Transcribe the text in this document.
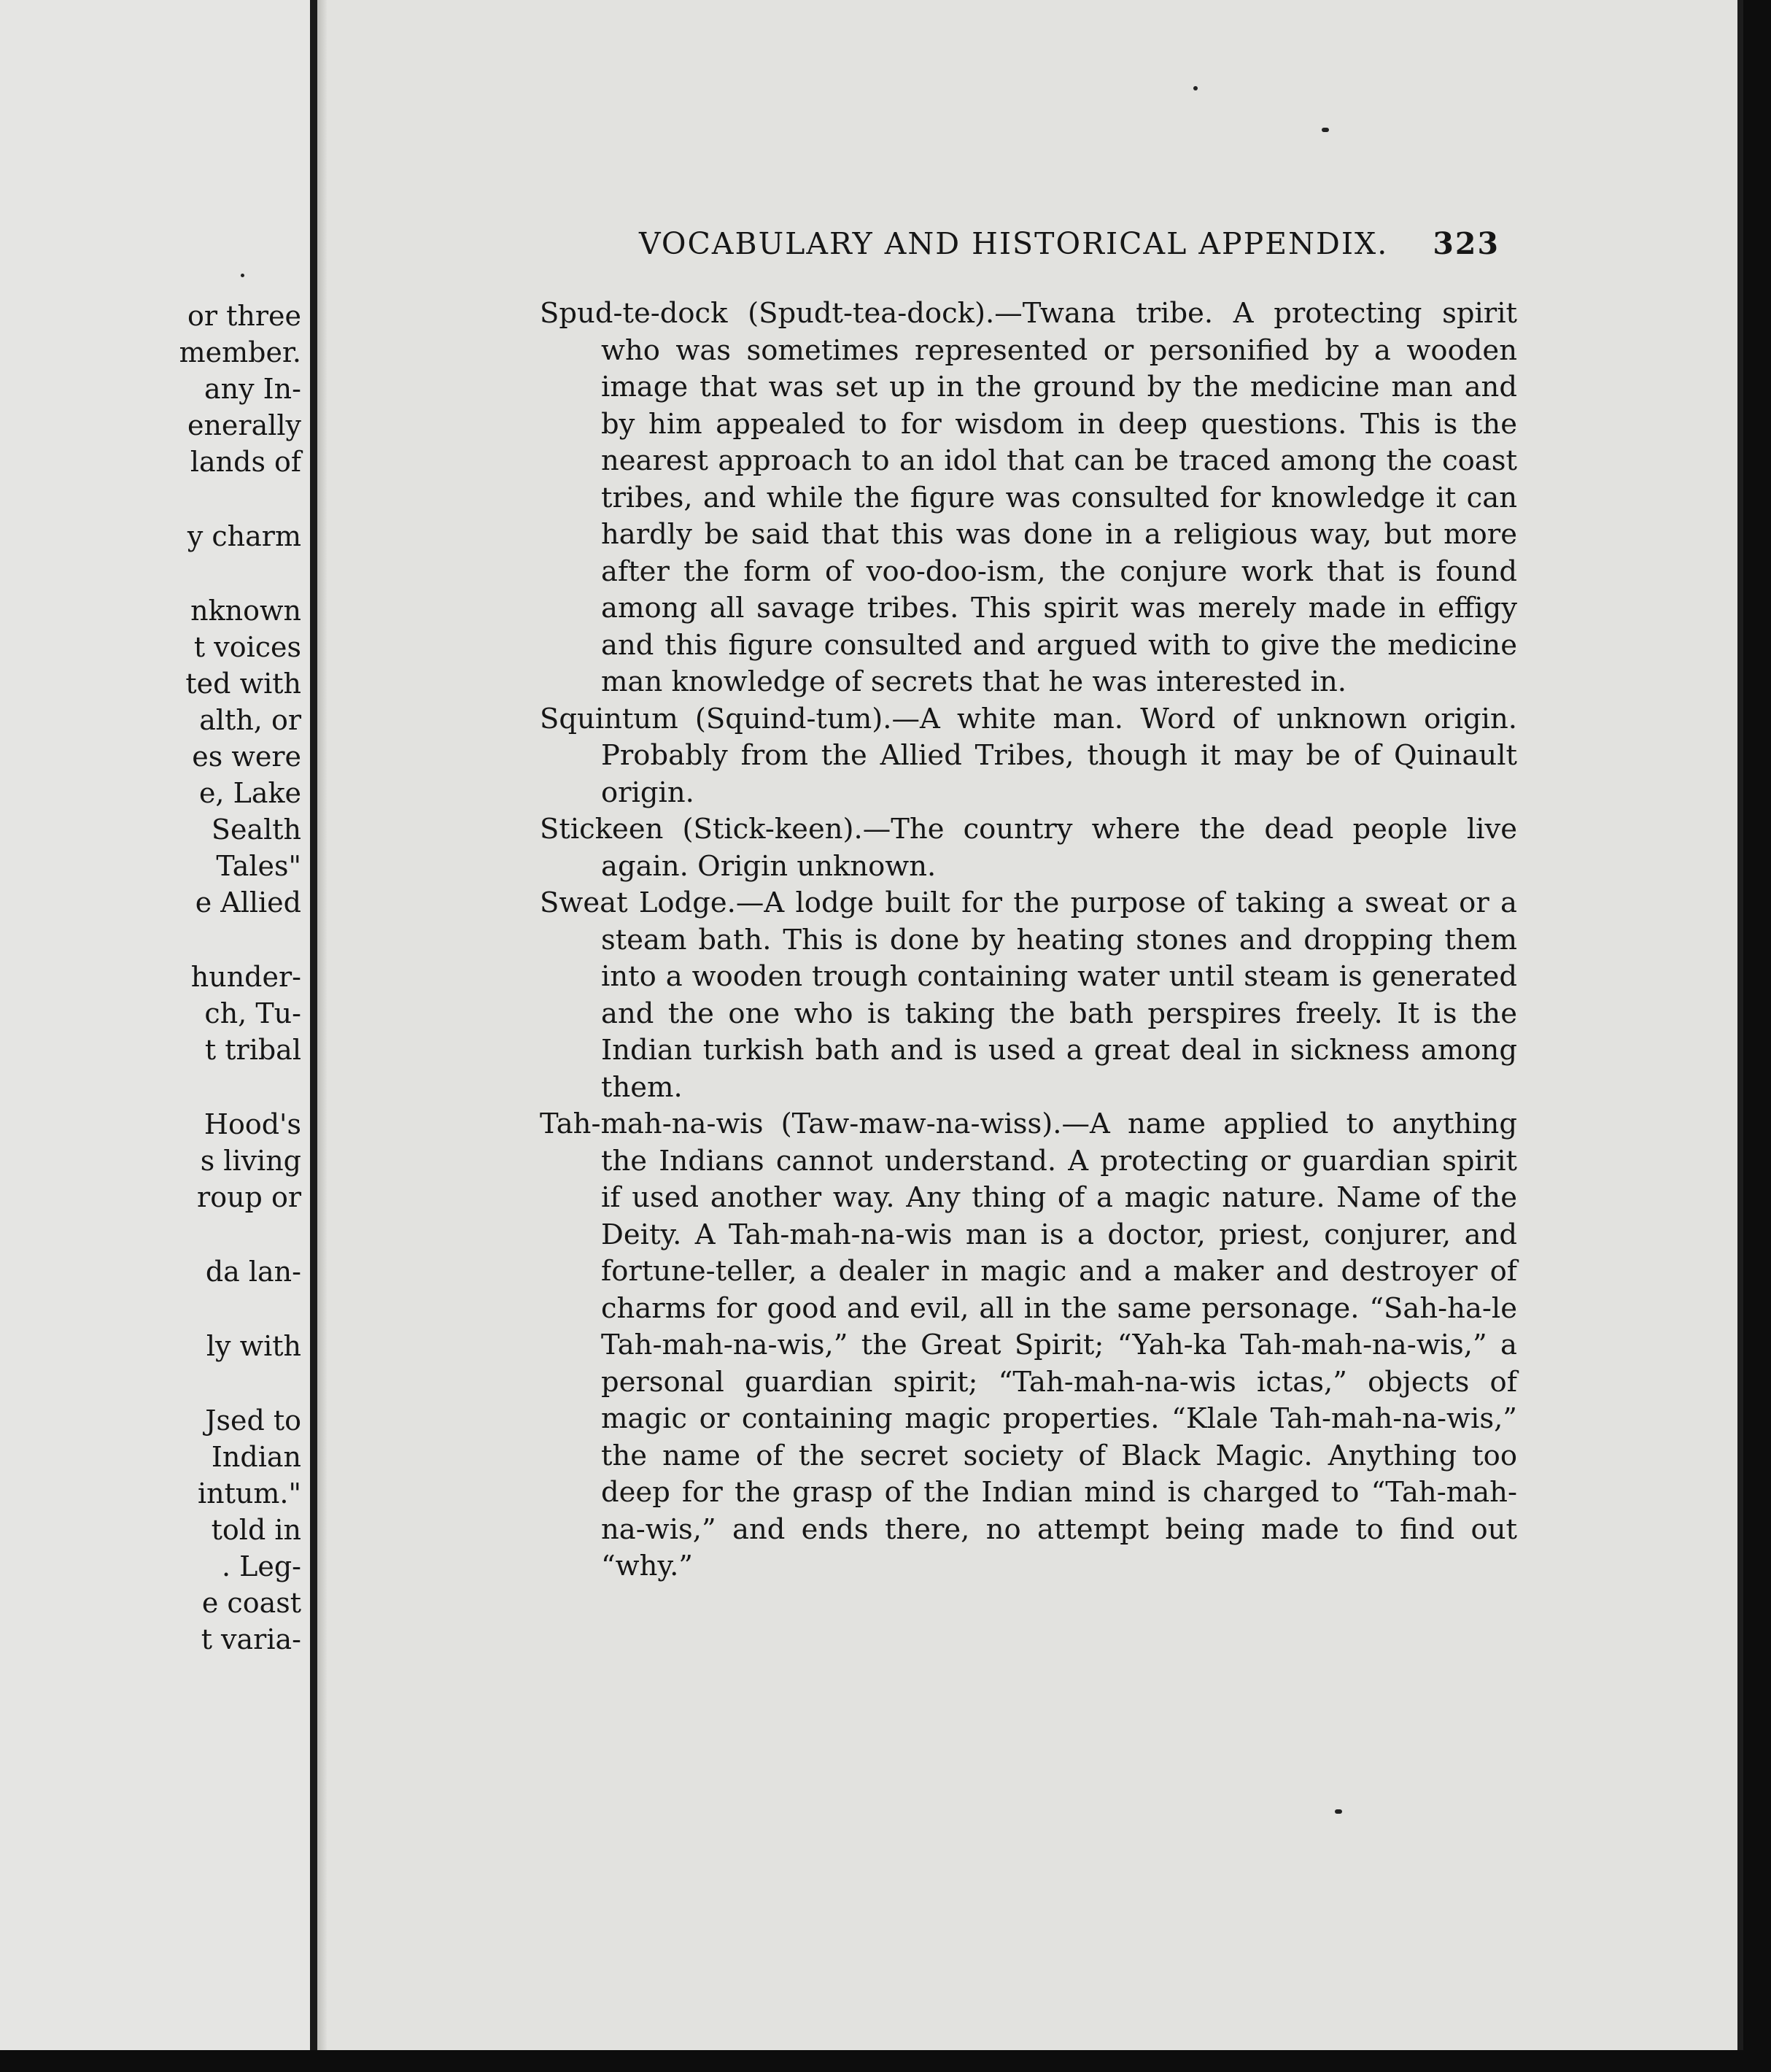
or three
member.
any In-
enerally
lands of
y charm
nknown
t voices
ted with
alth, or
es were
e, Lake
Sealth
Tales"
e Allied
hunder-
ch, Tu-
t tribal
Hood's
s living
roup or
da lan-
ly with
Jsed to
Indian
intum."
told in
. Leg-
e coast
t varia-
VOCABULARY AND HISTORICAL APPENDIX. 323

Spud-te-dock (Spudt-tea-dock).—Twana tribe. A protecting spirit who was sometimes represented or personified by a wooden image that was set up in the ground by the medicine man and by him appealed to for wisdom in deep questions. This is the nearest approach to an idol that can be traced among the coast tribes, and while the figure was consulted for knowledge it can hardly be said that this was done in a religious way, but more after the form of voo-doo-ism, the conjure work that is found among all savage tribes. This spirit was merely made in effigy and this figure consulted and argued with to give the medicine man knowledge of secrets that he was interested in.

Squintum (Squind-tum).—A white man. Word of unknown origin. Probably from the Allied Tribes, though it may be of Quinault origin.

Stickeen (Stick-keen).—The country where the dead people live again. Origin unknown.

Sweat Lodge.—A lodge built for the purpose of taking a sweat or a steam bath. This is done by heating stones and dropping them into a wooden trough containing water until steam is generated and the one who is taking the bath perspires freely. It is the Indian turkish bath and is used a great deal in sickness among them.

Tah-mah-na-wis (Taw-maw-na-wiss).—A name applied to anything the Indians cannot understand. A protecting or guardian spirit if used another way. Any thing of a magic nature. Name of the Deity. A Tah-mah-na-wis man is a doctor, priest, conjurer, and fortune-teller, a dealer in magic and a maker and destroyer of charms for good and evil, all in the same personage. “Sah-ha-le Tah-mah-na-wis,” the Great Spirit; “Yah-ka Tah-mah-na-wis,” a personal guardian spirit; “Tah-mah-na-wis ictas,” objects of magic or containing magic properties. “Klale Tah-mah-na-wis,” the name of the secret society of Black Magic. Anything too deep for the grasp of the Indian mind is charged to “Tah-mah-na-wis,” and ends there, no attempt being made to find out “why.”
